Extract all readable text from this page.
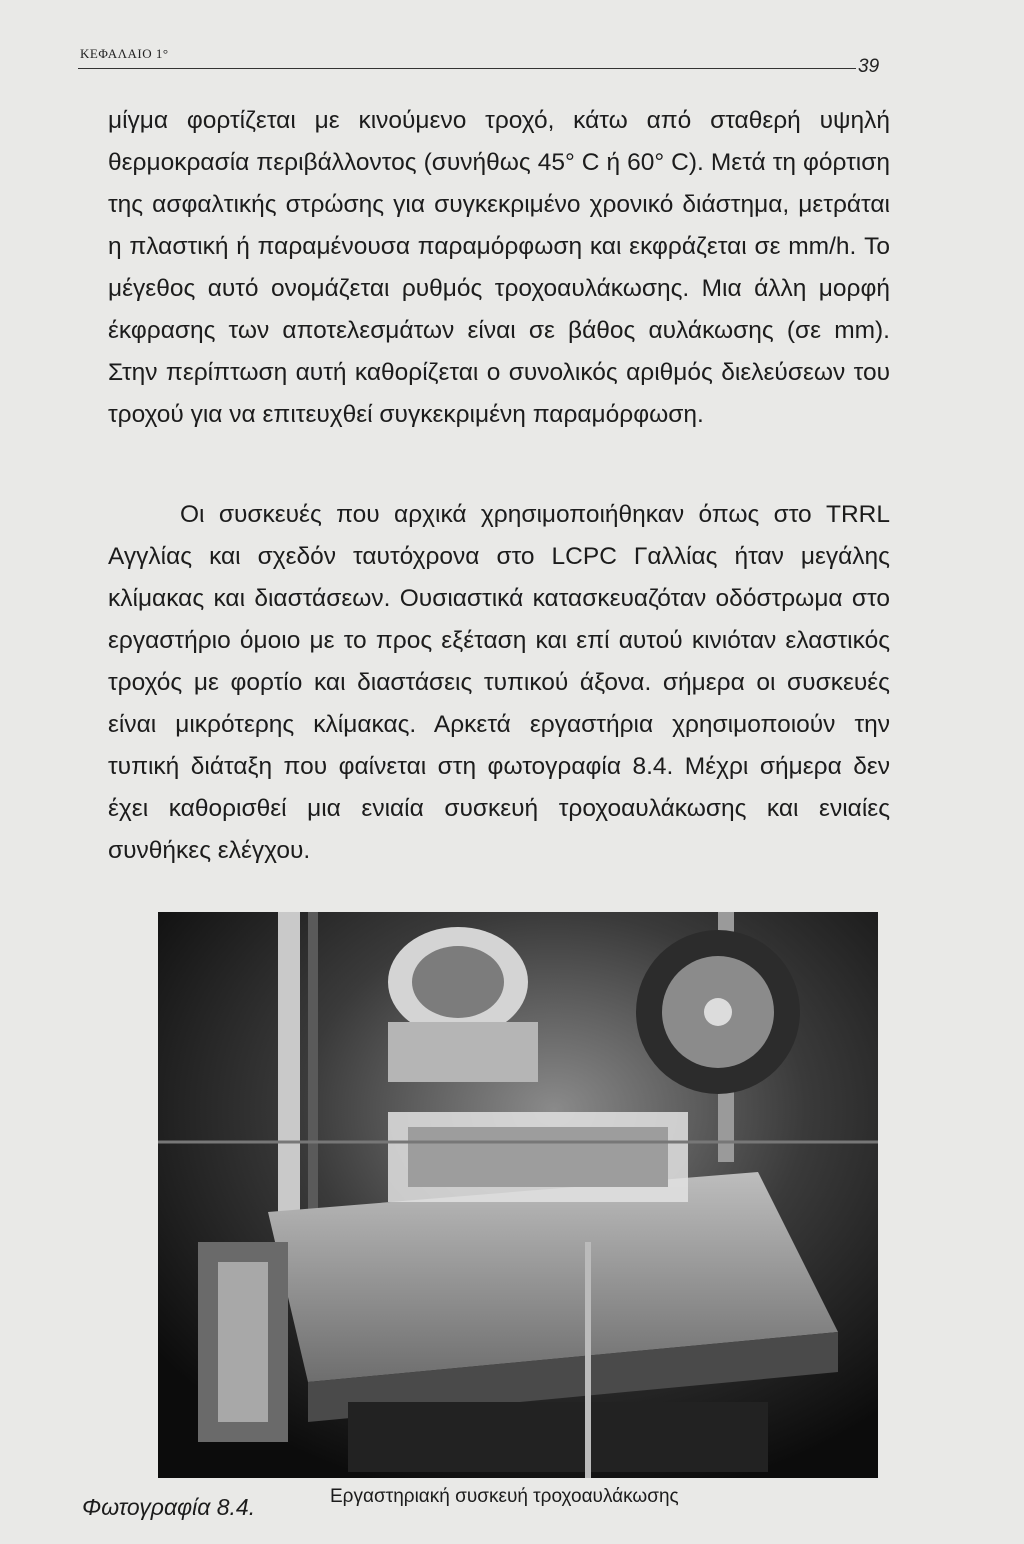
ΚΕΦΑΛΑΙΟ 1°
39
μίγμα φορτίζεται με κινούμενο τροχό, κάτω από σταθερή υψηλή θερμοκρασία περιβάλλοντος (συνήθως 45° C ή 60° C). Μετά τη φόρτιση της ασφαλτικής στρώσης για συγκεκριμένο χρονικό διάστημα, μετράται η πλαστική ή παραμένουσα παραμόρφωση και εκφράζεται σε mm/h. Το μέγεθος αυτό ονομάζεται ρυθμός τροχοαυλάκωσης. Μια άλλη μορφή έκφρασης των αποτελεσμάτων είναι σε βάθος αυλάκωσης (σε mm). Στην περίπτωση αυτή καθορίζεται ο συνολικός αριθμός διελεύσεων του τροχού για να επιτευχθεί συγκεκριμένη παραμόρφωση.
Οι συσκευές που αρχικά χρησιμοποιήθηκαν όπως στο TRRL Αγγλίας και σχεδόν ταυτόχρονα στο LCPC Γαλλίας ήταν μεγάλης κλίμακας και διαστάσεων. Ουσιαστικά κατασκευαζόταν οδόστρωμα στο εργαστήριο όμοιο με το προς εξέταση και επί αυτού κινιόταν ελαστικός τροχός με φορτίο και διαστάσεις τυπικού άξονα. σήμερα οι συσκευές είναι μικρότερης κλίμακας. Αρκετά εργαστήρια χρησιμοποιούν την τυπική διάταξη που φαίνεται στη φωτογραφία 8.4. Μέχρι σήμερα δεν έχει καθορισθεί μια ενιαία συσκευή τροχοαυλάκωσης και ενιαίες συνθήκες ελέγχου.
Φωτογραφία 8.4.	Εργαστηριακή συσκευή τροχοαυλάκωσης
